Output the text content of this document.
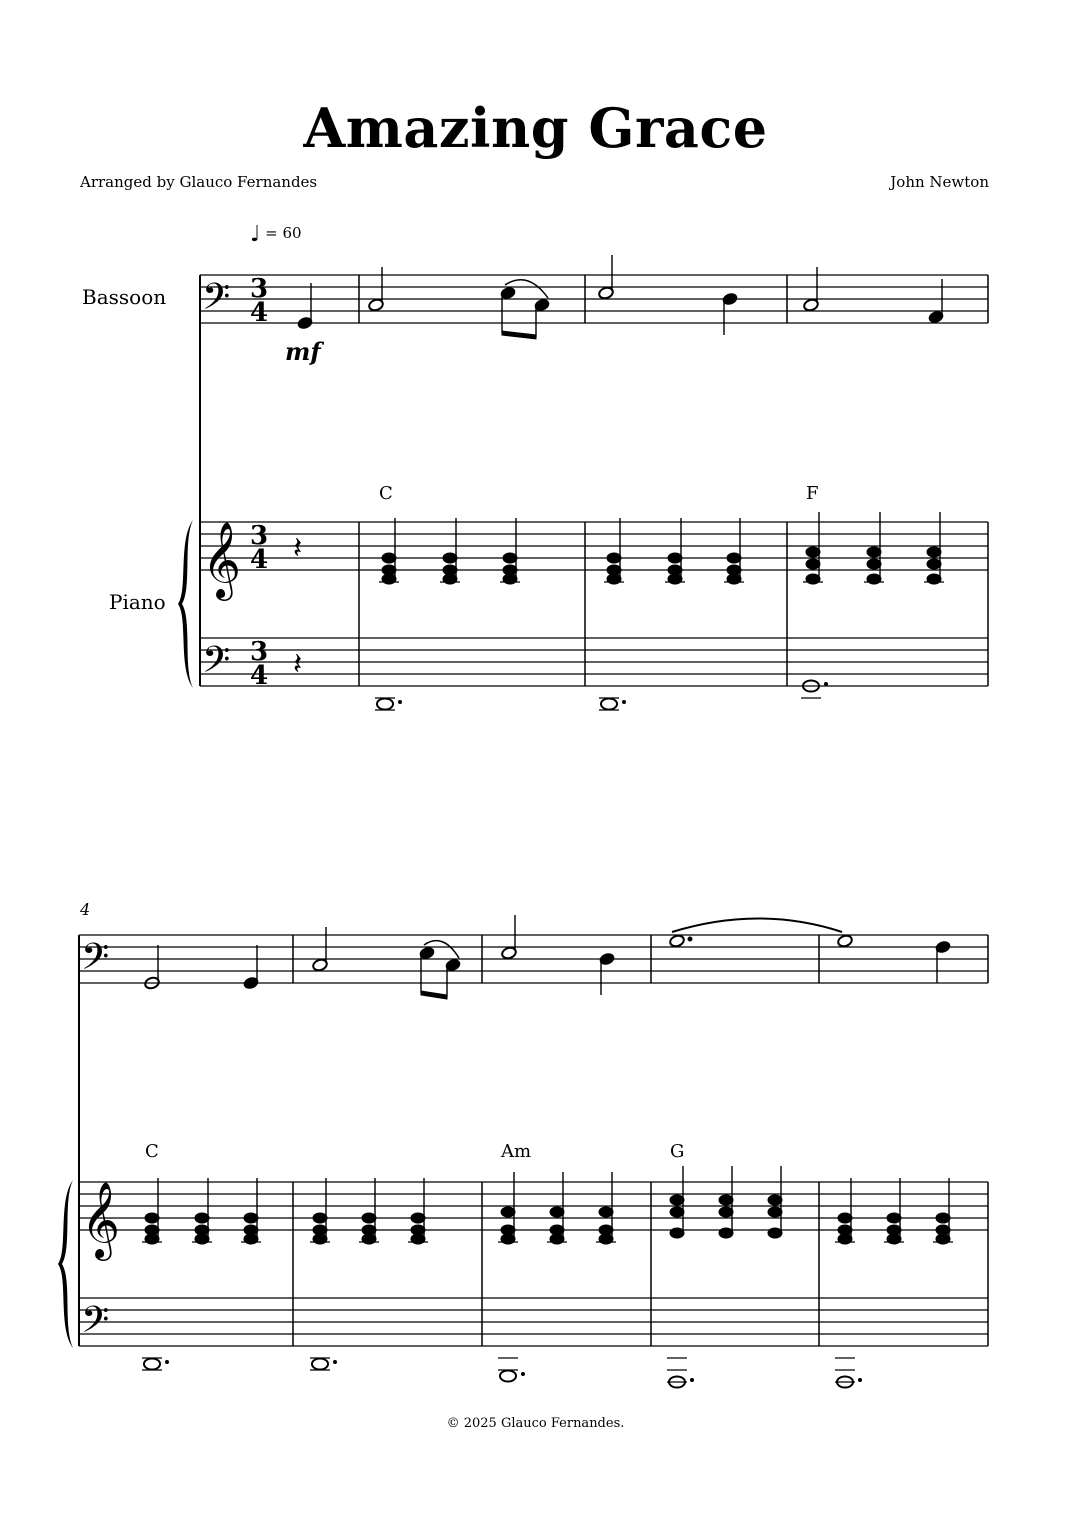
Amazing Grace
Arranged by Glauco Fernandes	John Newton
♩ = 60
Bassoon
Piano
𝄢
𝄞
𝄢
3
4
3
4
3
4
mf
𝄽
𝄽
C	F
4
𝄢
𝄞
𝄢
C	Am	G
© 2025 Glauco Fernandes.
